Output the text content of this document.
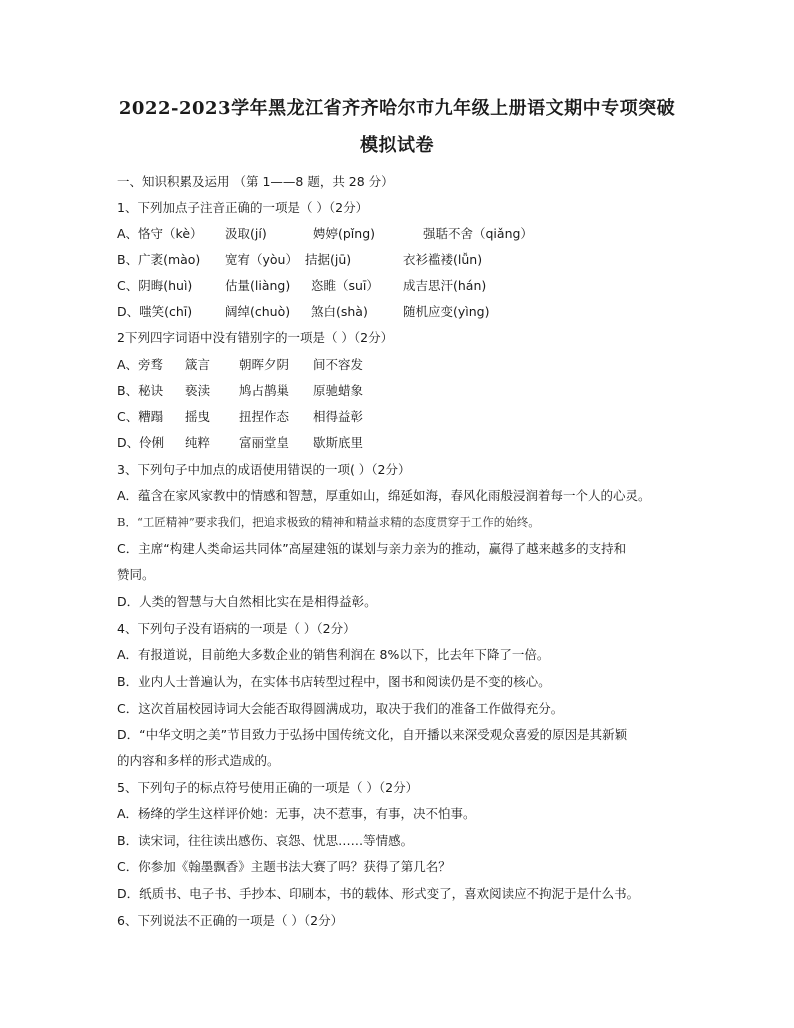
2022-2023学年黑龙江省齐齐哈尔市九年级上册语文期中专项突破
模拟试卷
一、知识积累及运用 （第 1——8 题，共 28 分）
1、下列加点子注音正确的一项是（ ）（2分）
A、恪守（kè） 汲取(jí)	娉婷(pǐng)	强聒不舍（qiǎng）
B、广袤(mào) 宽宥（yòu） 拮据(jū)	衣衫褴褛(lǚn)
C、阴晦(huì)	估量(liàng) 恣睢（suī） 成吉思汗(hán)
D、嗤笑(chī)	阔绰(chuò) 煞白(shà)	随机应变(yìng)
2下列四字词语中没有错别字的一项是（ ）（2分）
A、旁骛 箴言 朝晖夕阴 间不容发
B、秘诀 亵渎 鸠占鹊巢 原驰蜡象
C、糟蹋 摇曳 扭捏作态 相得益彰
D、伶俐 纯粹 富丽堂皇 歇斯底里
3、下列句子中加点的成语使用错误的一项( ）（2分）
A．蕴含在家风家教中的情感和智慧，厚重如山，绵延如海，春风化雨般浸润着每一个人的心灵。
B．“工匠精神”要求我们，把追求极致的精神和精益求精的态度贯穿于工作的始终。
C．主席“构建人类命运共同体”高屋建瓴的谋划与亲力亲为的推动，赢得了越来越多的支持和
赞同。
D．人类的智慧与大自然相比实在是相得益彰。
4、下列句子没有语病的一项是（ ）（2分）
A．有报道说，目前绝大多数企业的销售利润在 8%以下，比去年下降了一倍。
B．业内人士普遍认为，在实体书店转型过程中，图书和阅读仍是不变的核心。
C．这次首届校园诗词大会能否取得圆满成功，取决于我们的准备工作做得充分。
D．“中华文明之美”节目致力于弘扬中国传统文化，自开播以来深受观众喜爱的原因是其新颖
的内容和多样的形式造成的。
5、下列句子的标点符号使用正确的一项是（ ）（2分）
A．杨绛的学生这样评价她：无事，决不惹事，有事，决不怕事。
B．读宋词，往往读出感伤、哀怨、忧思……等情感。
C．你参加《翰墨飘香》主题书法大赛了吗？获得了第几名？
D．纸质书、电子书、手抄本、印刷本，书的载体、形式变了，喜欢阅读应不拘泥于是什么书。
6、下列说法不正确的一项是（ ）（2分）
